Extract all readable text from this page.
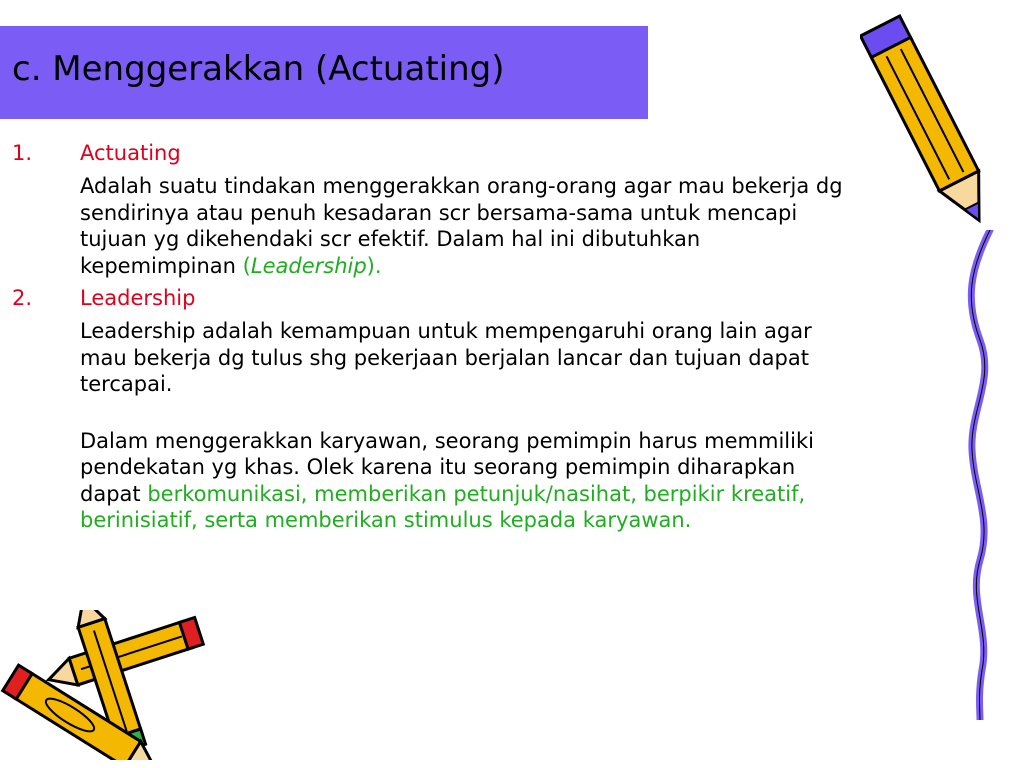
c. Menggerakkan (Actuating)
1. Actuating
Adalah suatu tindakan menggerakkan orang-orang agar mau bekerja dg sendirinya atau penuh kesadaran scr bersama-sama untuk mencapi tujuan yg dikehendaki scr efektif. Dalam hal ini dibutuhkan kepemimpinan (Leadership).
2. Leadership
Leadership adalah kemampuan untuk mempengaruhi orang lain agar mau bekerja dg tulus shg pekerjaan berjalan lancar dan tujuan dapat tercapai.
Dalam menggerakkan karyawan, seorang pemimpin harus memmiliki pendekatan yg khas. Olek karena itu seorang pemimpin diharapkan dapat berkomunikasi, memberikan petunjuk/nasihat, berpikir kreatif, berinisiatif, serta memberikan stimulus kepada karyawan.
